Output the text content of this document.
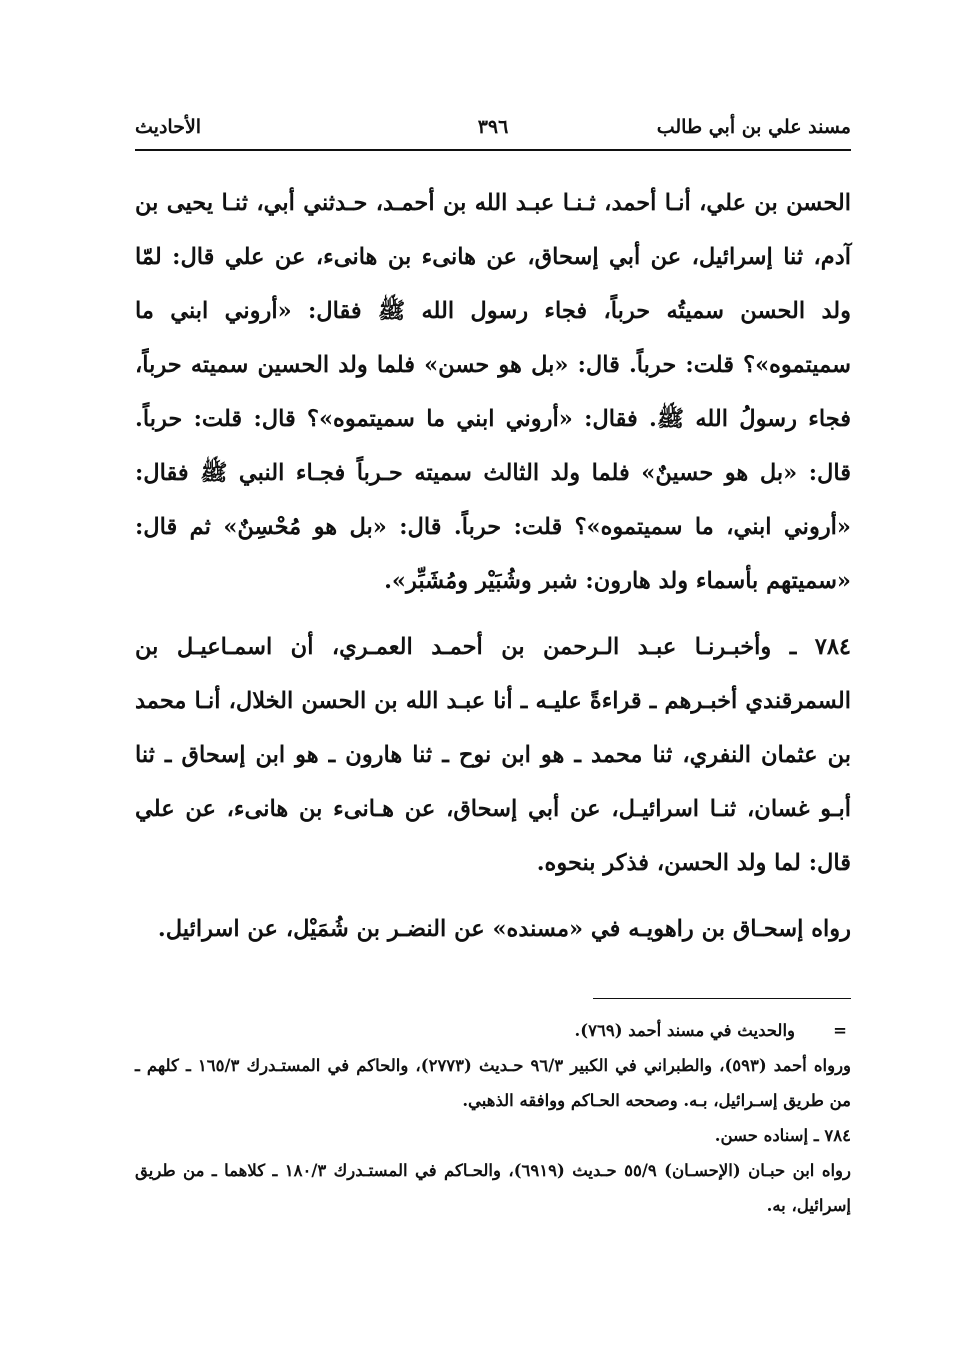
مسند علي بن أبي طالب
٣٩٦
الأحاديث

الحسن بن علي، أنـا أحمد، ثـنـا عبـد الله بن أحمـد، حـدثني أبي، ثنـا يحيى بن آدم، ثنا إسرائيل، عن أبي إسحاق، عن هانىء بن هانىء، عن علي قال: لمّا ولد الحسن سميتُه حرباً، فجاء رسول الله ﷺ فقال: «أروني ابني ما سميتموه»؟ قلت: حرباً. قال: «بل هو حسن» فلما ولد الحسين سميته حرباً، فجاء رسولُ الله ﷺ. فقال: «أروني ابني ما سميتموه»؟ قال: قلت: حرباً. قال: «بل هو حسينٌ» فلما ولد الثالث سميته حـرباً فجـاء النبي ﷺ فقال: «أروني ابني، ما سميتموه»؟ قلت: حرباً. قال: «بل هو مُحْسِنٌ» ثم قال: «سميتهم بأسماء ولد هارون: شبر وشُبَيْر ومُشَبِّر».

٧٨٤ ـ وأخبـرنـا عبـد الـرحمن بن أحمـد العمـري، أن اسمـاعيـل بن السمرقندي أخبـرهم ـ قراءةً عليـه ـ أنا عبـد الله بن الحسن الخلال، أنـا محمد بن عثمان النفري، ثنا محمد ـ هو ابن نوح ـ ثنا هارون ـ هو ابن إسحاق ـ ثنا أبـو غسان، ثنـا اسرائيـل، عن أبي إسحاق، عن هـانىء بن هانىء، عن علي قال: لما ولد الحسن، فذكر بنحوه.

رواه إسحـاق بن راهويـه في «مسنده» عن النضـر بن شُمَيْل، عن اسرائيل.

=
والحديث في مسند أحمد (٧٦٩).

ورواه أحمد (٥٩٣)، والطبراني في الكبير ٩٦/٣ حـديث (٢٧٧٣)، والحاكم في المستـدرك ١٦٥/٣ ـ كلهم ـ من طريق إسـرائيل، بـه. وصححه الحـاكم ووافقه الذهبي.

٧٨٤ ـ إسناده حسن.

رواه ابن حبـان (الإحسـان) ٥٥/٩ حـديث (٦٩١٩)، والحـاكم في المستـدرك ١٨٠/٣ ـ كلاهما ـ من طريق إسرائيل، به.
